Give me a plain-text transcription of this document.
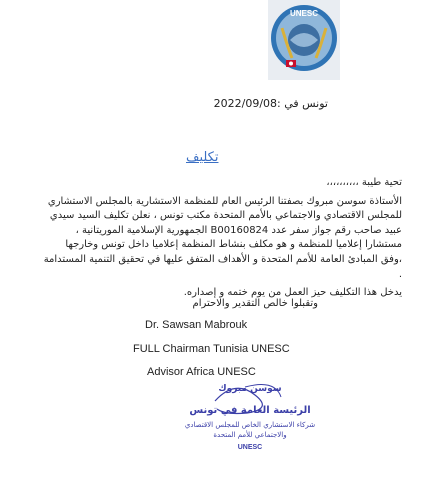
UNESC
تونس في :2022/09/08
تكليف

تحية طيبة ،،،،،،،،،،

الأستاذة سوسن مبروك بصفتنا الرئيس العام للمنظمة الاستشارية بالمجلس الاستشاري

للمجلس الاقتصادي والاجتماعي بالأمم المتحدة مكتب تونس ، نعلن تكليف السيد سيدي

عبيد صاحب رقم جواز سفر عدد B00160824 الجمهورية الإسلامية الموريتانية ،

مستشارا إعلاميا للمنظمة و هو مكلف بنشاط المنظمة إعلاميا داخل تونس وخارجها

،وفق المبادئ العامة للأمم المتحدة و الأهداف المتفق عليها في تحقيق التنمية المستدامة .

يدخل هذا التكليف حيز العمل من يوم ختمه و إصداره.

وتقبلوا خالص التقدير والاحترام
Dr. Sawsan Mabrouk
FULL Chairman Tunisia UNESC
Advisor Africa UNESC
سوسن مبروك
الرئيسة العامة في تونس
شركاء الاستشاري الخاص للمجلس الاقتصادي
والاجتماعي للأمم المتحدة
UNESC
